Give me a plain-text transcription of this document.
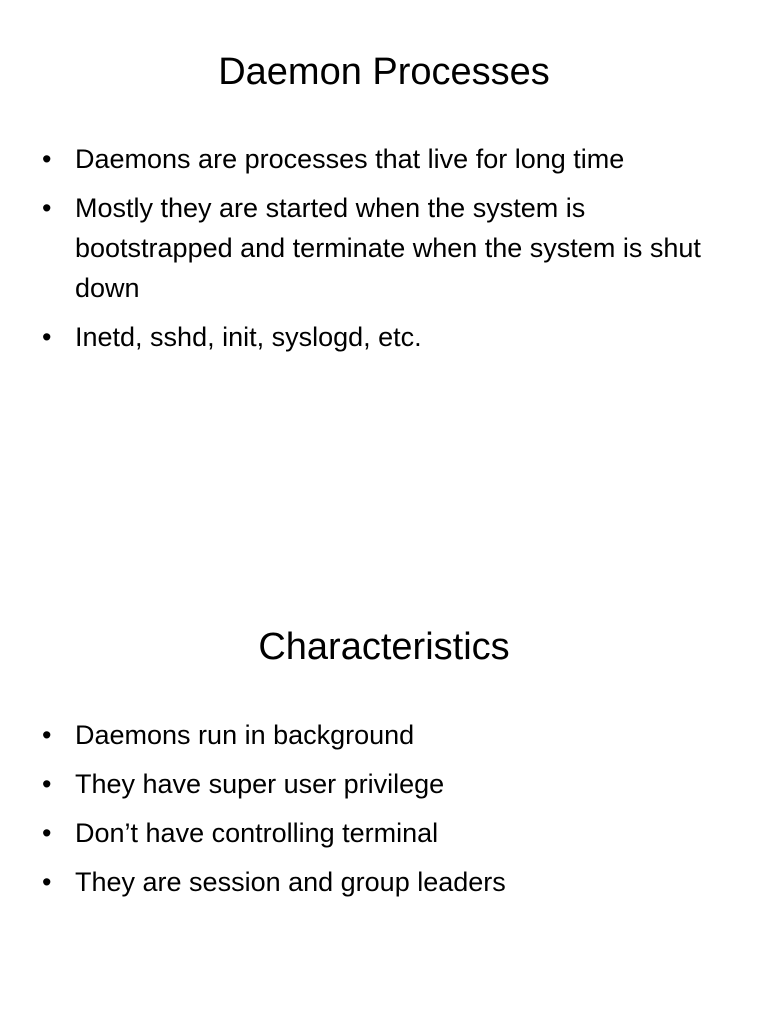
Daemon Processes
• Daemons are processes that live for long time
• Mostly they are started when the system is bootstrapped and terminate when the system is shut down
• Inetd, sshd, init, syslogd, etc.
Characteristics
• Daemons run in background
• They have super user privilege
• Don’t have controlling terminal
• They are session and group leaders
